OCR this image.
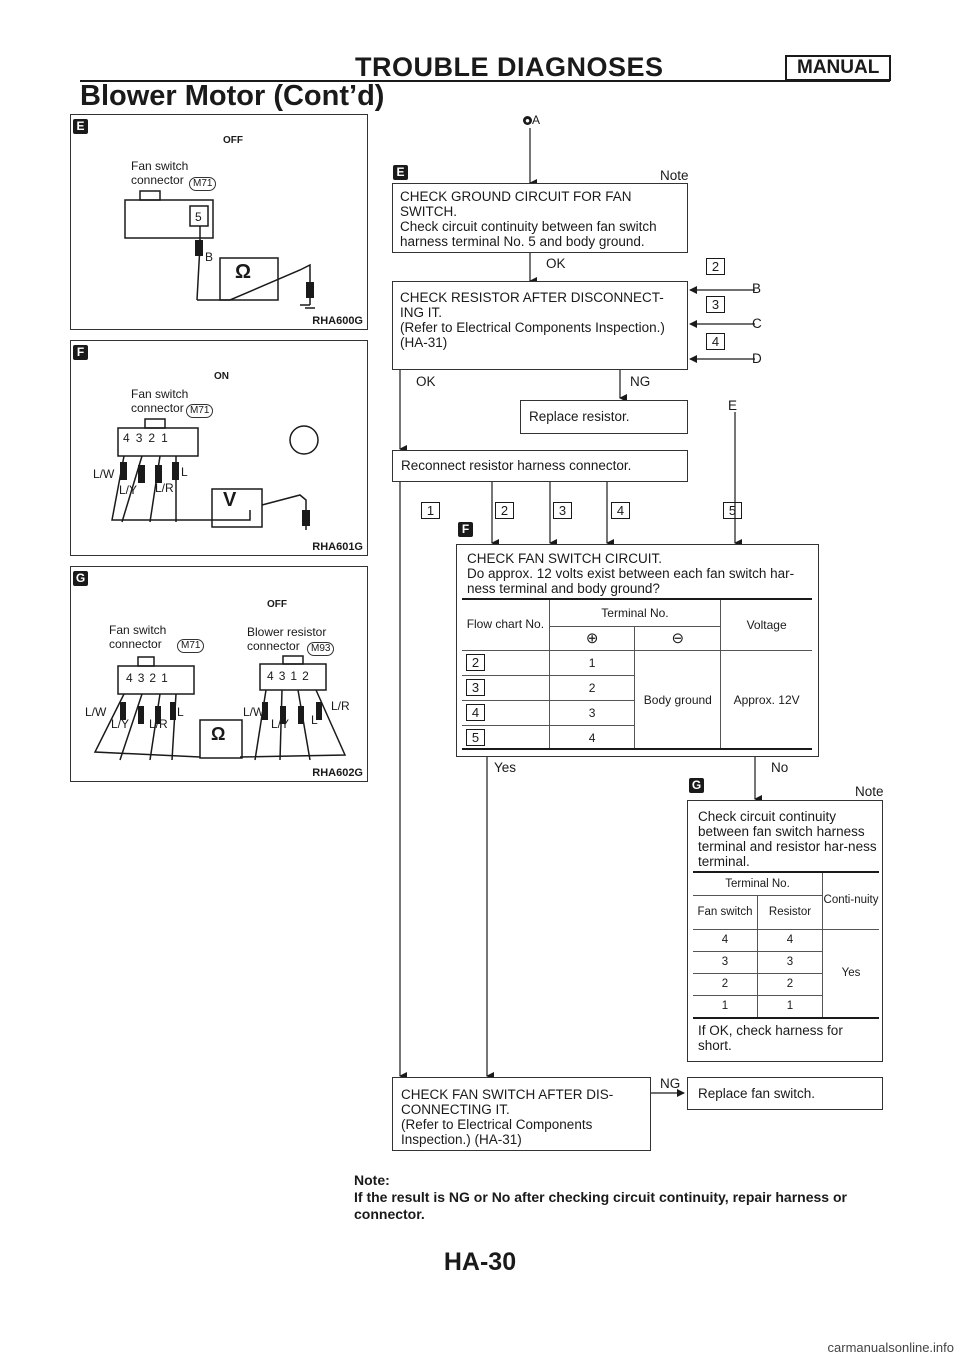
TROUBLE DIAGNOSES	MANUAL
Blower Motor (Cont’d)
E
Fan switch connector M71
5
B
Ω
OFF
RHA600G
F
Fan switch connector M71
4321
L/W
L/Y L/R
L
V
ON
RHA601G
G
Fan switch connector	M71
Blower resistor connector	M93
4321	4312
L/W
L/Y L/R
L	L/W
L/Y L
L/R
Ω
OFF
RHA602G
● A
E	Note
CHECK GROUND CIRCUIT FOR FAN SWITCH.
Check circuit continuity between fan switch harness terminal No. 5 and body ground.
OK
CHECK RESISTOR AFTER DISCONNECT-ING IT.
(Refer to Electrical Components Inspection.) (HA-31)
2
B
3
C
4
D
OK	NG
Replace resistor.
E
Reconnect resistor harness connector.
1	2	3	4	5
F
CHECK FAN SWITCH CIRCUIT.
Do approx. 12 volts exist between each fan switch har-ness terminal and body ground?
Flow chart No.	Terminal No.		Voltage
	⊕	⊖	
2	1	Body ground	Approx. 12V
3	2		
4	3		
5	4		
Yes	No
G	Note
Check circuit continuity between fan switch harness terminal and resistor har-ness terminal.
Terminal No.		Conti-nuity
Fan switch	Resistor	
4	4	Yes
3	3	
2	2	
1	1	
If OK, check harness for short.
CHECK FAN SWITCH AFTER DIS-CONNECTING IT.
(Refer to Electrical Components Inspection.) (HA-31)
NG
Replace fan switch.
Note:
If the result is NG or No after checking circuit continuity, repair harness or connector.
HA-30
carmanualsonline.info
